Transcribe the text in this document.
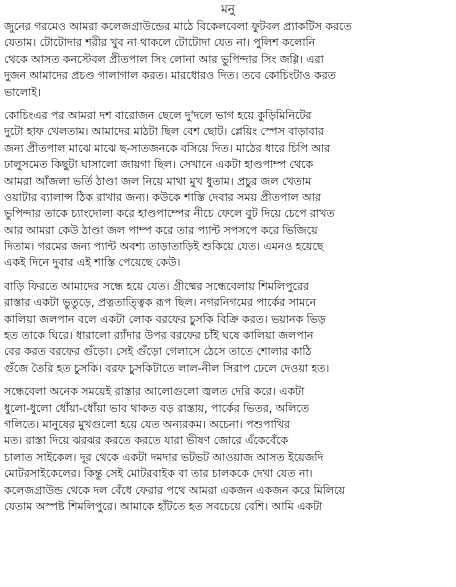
মনু
জুনের গরমেও আমরা কলেজগ্রাউন্ডের মাঠে বিকেলবেলা ফুটবল প্র্যাকটিস করতে
যেতাম। টোটোদার শরীর খুব না থাকলে টোটোদা যেত না। পুলিশ কলোনি
থেকে আসত কনস্টেবল প্রীতপাল সিং লোনা আর ভুপিন্দার সিং জগ্গি। এরা
দুজন আমাদের প্রচণ্ড গালাগাল করত। মারধোরও দিত। তবে কোচিংটাও করত
ভালোই।
কোচিংএর পর আমরা দশ বারোজন ছেলে দু'দলে ভাগ হয়ে কুড়িমিনিটের
দুটো হাফ খেলতাম। আমাদের মাঠটা ছিল বেশ ছোট। প্লেয়িং স্পেস বাড়াবার
জন্য প্রীতপাল মাঝে মাঝে ছ-সাতজনকে বসিয়ে দিত। মাঠের ধারে চিপি আর
ঢালুসমেত কিছুটা ঘাসালো জায়গা ছিল। সেখানে একটা হাণ্ডপাম্প থেকে
আমরা আঁজলা ভর্তি ঠাণ্ডা জল নিয়ে মাথা মুখ ধুতাম। প্রচুর জল খেতাম
ওয়াটার ব্যালান্স ঠিক রাখার জন্য। কউকে শাস্তি দেবার সময় প্রীতপাল আর
ভুপিন্দার তাকে চ্যাংদোলা করে হাণ্ডপাম্পের নীচে ফেলে বুট দিয়ে চেপে রাখত
আর আমরা কেউ ঠাণ্ডা জল পাম্প করে তার প্যান্ট সপসপে করে ভিজিয়ে
দিতাম। গরমের জন্য প্যান্ট অবশ্য তাড়াতাড়িই শুকিয়ে যেত। এমনও হয়েছে
একই দিনে দুবার এই শাস্তি পেয়েছে কেউ।
বাড়ি ফিরতে আমাদের সন্ধে হয়ে যেত। গ্রীষ্মের সন্ধেবেলায় শিমলিপুরের
রাস্তার একটা ভুতুড়ে, প্রত্নতাত্ত্বিক রূপ ছিল। নগরনিগমের পার্কের সামনে
কালিয়া জলপান বলে একটা লোক বরফের চুসকি বিক্রি করত। ভয়ানক ভিড়
হত তাকে ঘিরে। ধারালো র‍্যাঁদার উপর বরফের চাঁই ঘষে কালিয়া জলপান
বের করত বরফের গুঁড়ো। সেই গুঁড়ো গেলাসে ঠেসে তাতে শোলার কাঠি
গুঁজে তৈরি হত চুসকি। বরফ চুসকিটাতে লাল-নীল সিরাপ ঢেলে দেওয়া হত।
সন্ধেবেলা অনেক সময়েই রাস্তার আলোগুলো জ্বলত দেরি করে। একটা
ধুলো-ধুলো ধোঁয়া-ধোঁয়া ভাব থাকত বড় রাস্তায়, পার্কের ভিতর, অলিতে
গলিতে। মানুষের মুখগুলো হয়ে যেত অন্যরকম। অচেনা। পশুপাখির
মত। রাস্তা দিয়ে ঝরঝর করতে করতে যারা ভীষণ জোরে এঁকেবেঁকে
চালাত সাইকেল। দূর থেকে একটা দমদার ভটভট আওয়াজ আসত ইয়েজদি
মোটরসাইকেলের। কিন্তু সেই মোটরবাইক বা তার চালককে দেখা যেত না।
কলেজগ্রাউন্ড থেকে দল বেঁধে ফেরার পথে আমরা একজন একজন করে মিলিয়ে
যেতাম অস্পষ্ট শিমলিপুরে। আমাকে হাঁটতে হত সবচেয়ে বেশি। আমি একটা
